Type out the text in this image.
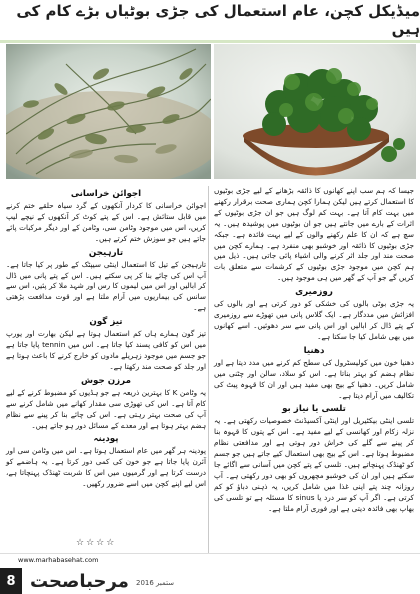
میڈیکل کچن، عام استعمال کی جڑی بوٹیاں بڑے کام کی ہیں

جیسا کہ ہم سب اپنے کھانوں کا ذائقہ بڑھانے کے لیے جڑی بوٹیوں کا استعمال کرتے ہیں لیکن ہمارا کچن ہماری صحت برقرار رکھنے میں بہت کام آتا ہے۔ بہت کم لوگ ہیں جو ان جڑی بوٹیوں کے اثرات کے بارے میں جانتے ہیں جو ان بوٹیوں میں پوشیدہ ہیں۔ یہ سچ ہے کہ ان کا علم رکھنے والوں کے لیے بہت فائدہ ہے۔ جبکہ جڑی بوٹیوں کا ذائقہ اور خوشبو بھی منفرد ہے۔ ہمارے کچن میں صحت مند اور جلد اثر کرنے والی اشیاء پائی جاتی ہیں۔ ذیل میں ہم کچن میں موجود جڑی بوٹیوں کے کرشمات سے متعلق بات کریں گے جو آپ کے گھر میں ہی موجود ہیں۔

روزمیری

یہ جڑی بوٹی بالوں کی خشکی کو دور کرتی ہے اور بالوں کی افزائش میں مددگار ہے۔ ایک گلاس پانی میں تھوڑے سے روزمیری کے پتے ڈال کر ابالیں اور اس پانی سے سر دھوئیں۔ اسے کھانوں میں بھی شامل کیا جا سکتا ہے۔

دھنیا

دھنیا خون میں کولیسٹرول کی سطح کم کرنے میں مدد دیتا ہے اور نظام ہضم کو بہتر بناتا ہے۔ اس کو سلاد، سالن اور چٹنی میں شامل کریں۔ دھنیا کے بیج بھی مفید ہیں اور ان کا قہوہ پیٹ کی تکالیف میں آرام دیتا ہے۔

تلسی یا نیاز بو

تلسی اینٹی بیکٹیریل اور اینٹی آکسیڈنٹ خصوصیات رکھتی ہے۔ یہ نزلہ زکام اور کھانسی کے لیے مفید ہے۔ اس کے پتوں کا قہوہ بنا کر پینے سے گلے کی خراش دور ہوتی ہے اور مدافعتی نظام مضبوط ہوتا ہے۔ اس کے بیج بھی استعمال کیے جاتے ہیں جو جسم کو ٹھنڈک پہنچاتے ہیں۔ تلسی کے پتے کچن میں آسانی سے اگائے جا سکتے ہیں اور ان کی خوشبو مچھروں کو بھی دور رکھتی ہے۔ آپ روزانہ چند پتے اپنی غذا میں شامل کریں، یہ ذہنی دباؤ کو کم کرتی ہے۔ اگر آپ کو سر درد یا sinus کا مسئلہ ہے تو تلسی کی بھاپ بھی فائدہ دیتی ہے اور فوری آرام ملتا ہے۔

اجوائن خراسانی

اجوائن خراسانی کا کردار آنکھوں کے گرد سیاہ حلقے ختم کرنے میں قابل ستائش ہے۔ اس کے پتے کوٹ کر آنکھوں کے نیچے لیپ کریں، اس میں موجود وٹامن سی، وٹامن کے اور دیگر مرکبات پائے جاتے ہیں جو سوزش ختم کرتے ہیں۔

تارہیجن

تارہیجن کے تیل کا استعمال اینٹی سیپٹک کے طور پر کیا جاتا ہے۔ آپ اس کی چائے بنا کر پی سکتے ہیں۔ اس کے پتے پانی میں ڈال کر ابالیں اور اس میں لیموں کا رس اور شہد ملا کر پئیں، اس سے سانس کی بیماریوں میں آرام ملتا ہے اور قوت مدافعت بڑھتی ہے۔

تیز گون

تیز گون ہمارے ہاں کم استعمال ہوتا ہے لیکن بھارت اور یورپ میں اس کو کافی پسند کیا جاتا ہے۔ اس میں tennin پایا جاتا ہے جو جسم میں موجود زہریلے مادوں کو خارج کرنے کا باعث ہوتا ہے اور جلد کو صحت مند رکھتا ہے۔

مرزن جوش

یہ وٹامن K کا بہترین ذریعہ ہے جو ہڈیوں کو مضبوط کرنے کے لیے کام آتا ہے۔ اس کی تھوڑی سی مقدار کھانے میں شامل کرنے سے آپ کی صحت بہتر رہتی ہے۔ اس کی چائے بنا کر پینے سے نظام ہضم بہتر ہوتا ہے اور معدے کے مسائل دور ہو جاتے ہیں۔

پودینہ

پودینہ ہر گھر میں عام استعمال ہوتا ہے۔ اس میں وٹامن سی اور آئرن پایا جاتا ہے جو خون کی کمی دور کرتا ہے۔ یہ ہاضمے کو درست کرتا ہے اور گرمیوں میں اس کا شربت ٹھنڈک پہنچاتا ہے، اس لیے اپنے کچن میں اسے ضرور رکھیں۔

☆☆☆☆
www.marhabasehat.com
8 مرحباصحت 2016 ستمبر
